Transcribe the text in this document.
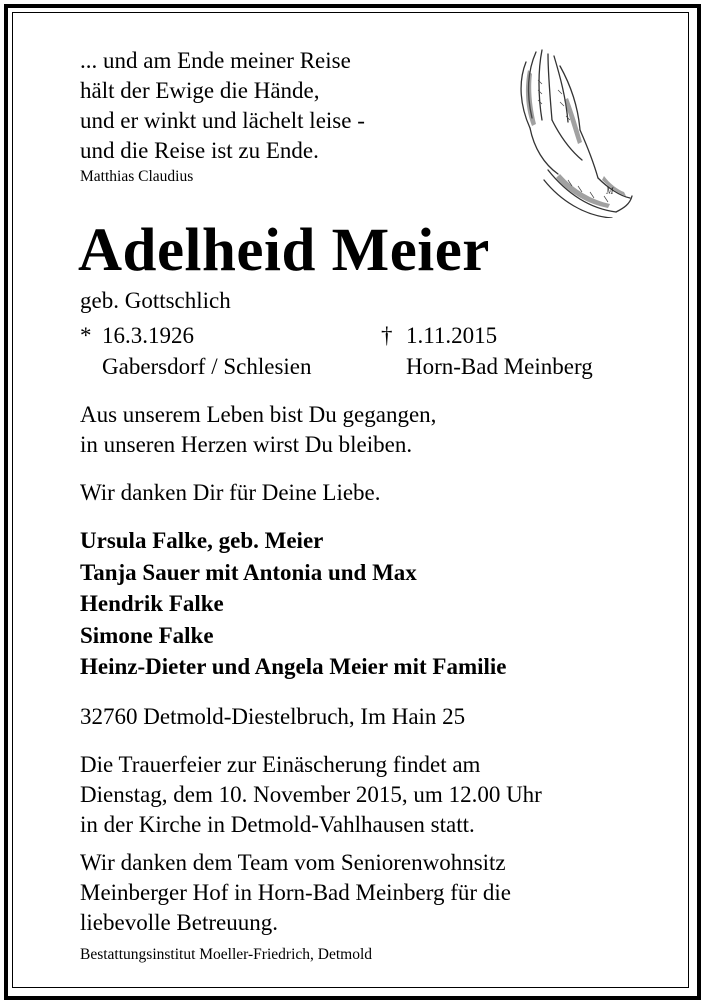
... und am Ende meiner Reise
hält der Ewige die Hände,
und er winkt und lächelt leise -
und die Reise ist zu Ende.
Matthias Claudius
M
Adelheid Meier
geb. Gottschlich
* 16.3.1926
Gabersdorf / Schlesien
† 1.11.2015
Horn-Bad Meinberg
Aus unserem Leben bist Du gegangen,
in unseren Herzen wirst Du bleiben.
Wir danken Dir für Deine Liebe.
Ursula Falke, geb. Meier
Tanja Sauer mit Antonia und Max
Hendrik Falke
Simone Falke
Heinz-Dieter und Angela Meier mit Familie
32760 Detmold-Diestelbruch, Im Hain 25
Die Trauerfeier zur Einäscherung findet am
Dienstag, dem 10. November 2015, um 12.00 Uhr
in der Kirche in Detmold-Vahlhausen statt.
Wir danken dem Team vom Seniorenwohnsitz
Meinberger Hof in Horn-Bad Meinberg für die
liebevolle Betreuung.
Bestattungsinstitut Moeller-Friedrich, Detmold
